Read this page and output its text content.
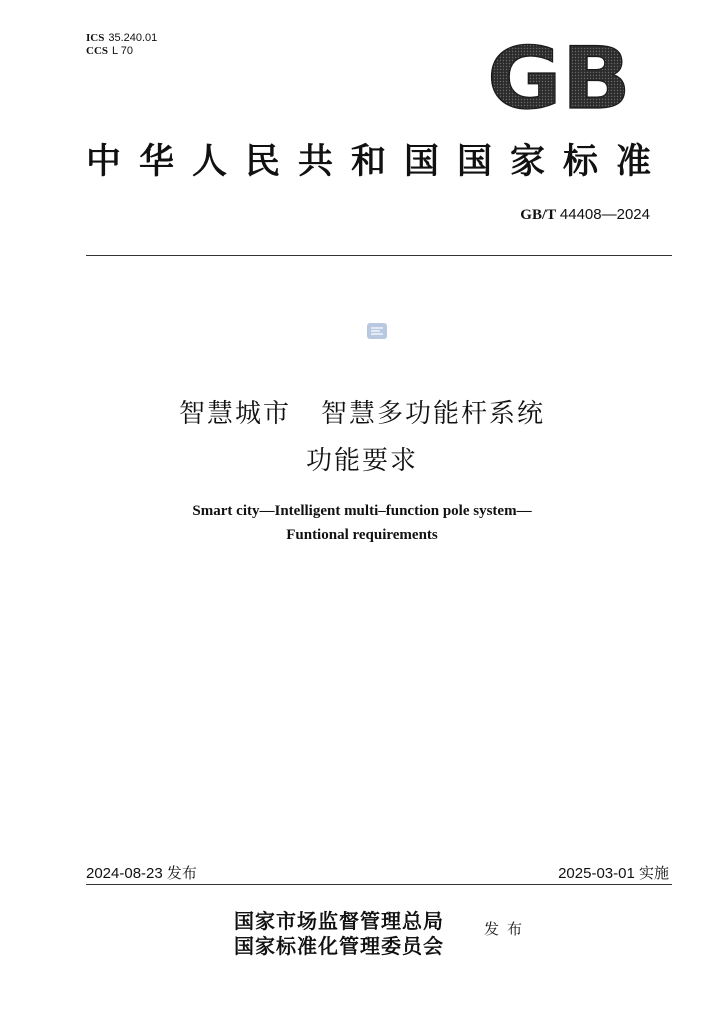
ICS 35.240.01
CCS L 70	GB
中华人民共和国国家标准
GB/T 44408—2024
智慧城市 智慧多功能杆系统
功能要求
Smart city—Intelligent multi–function pole system—
Funtional requirements
2024-08-23 发布	2025-03-01 实施
国家市场监督管理总局
国家标准化管理委员会
发布
